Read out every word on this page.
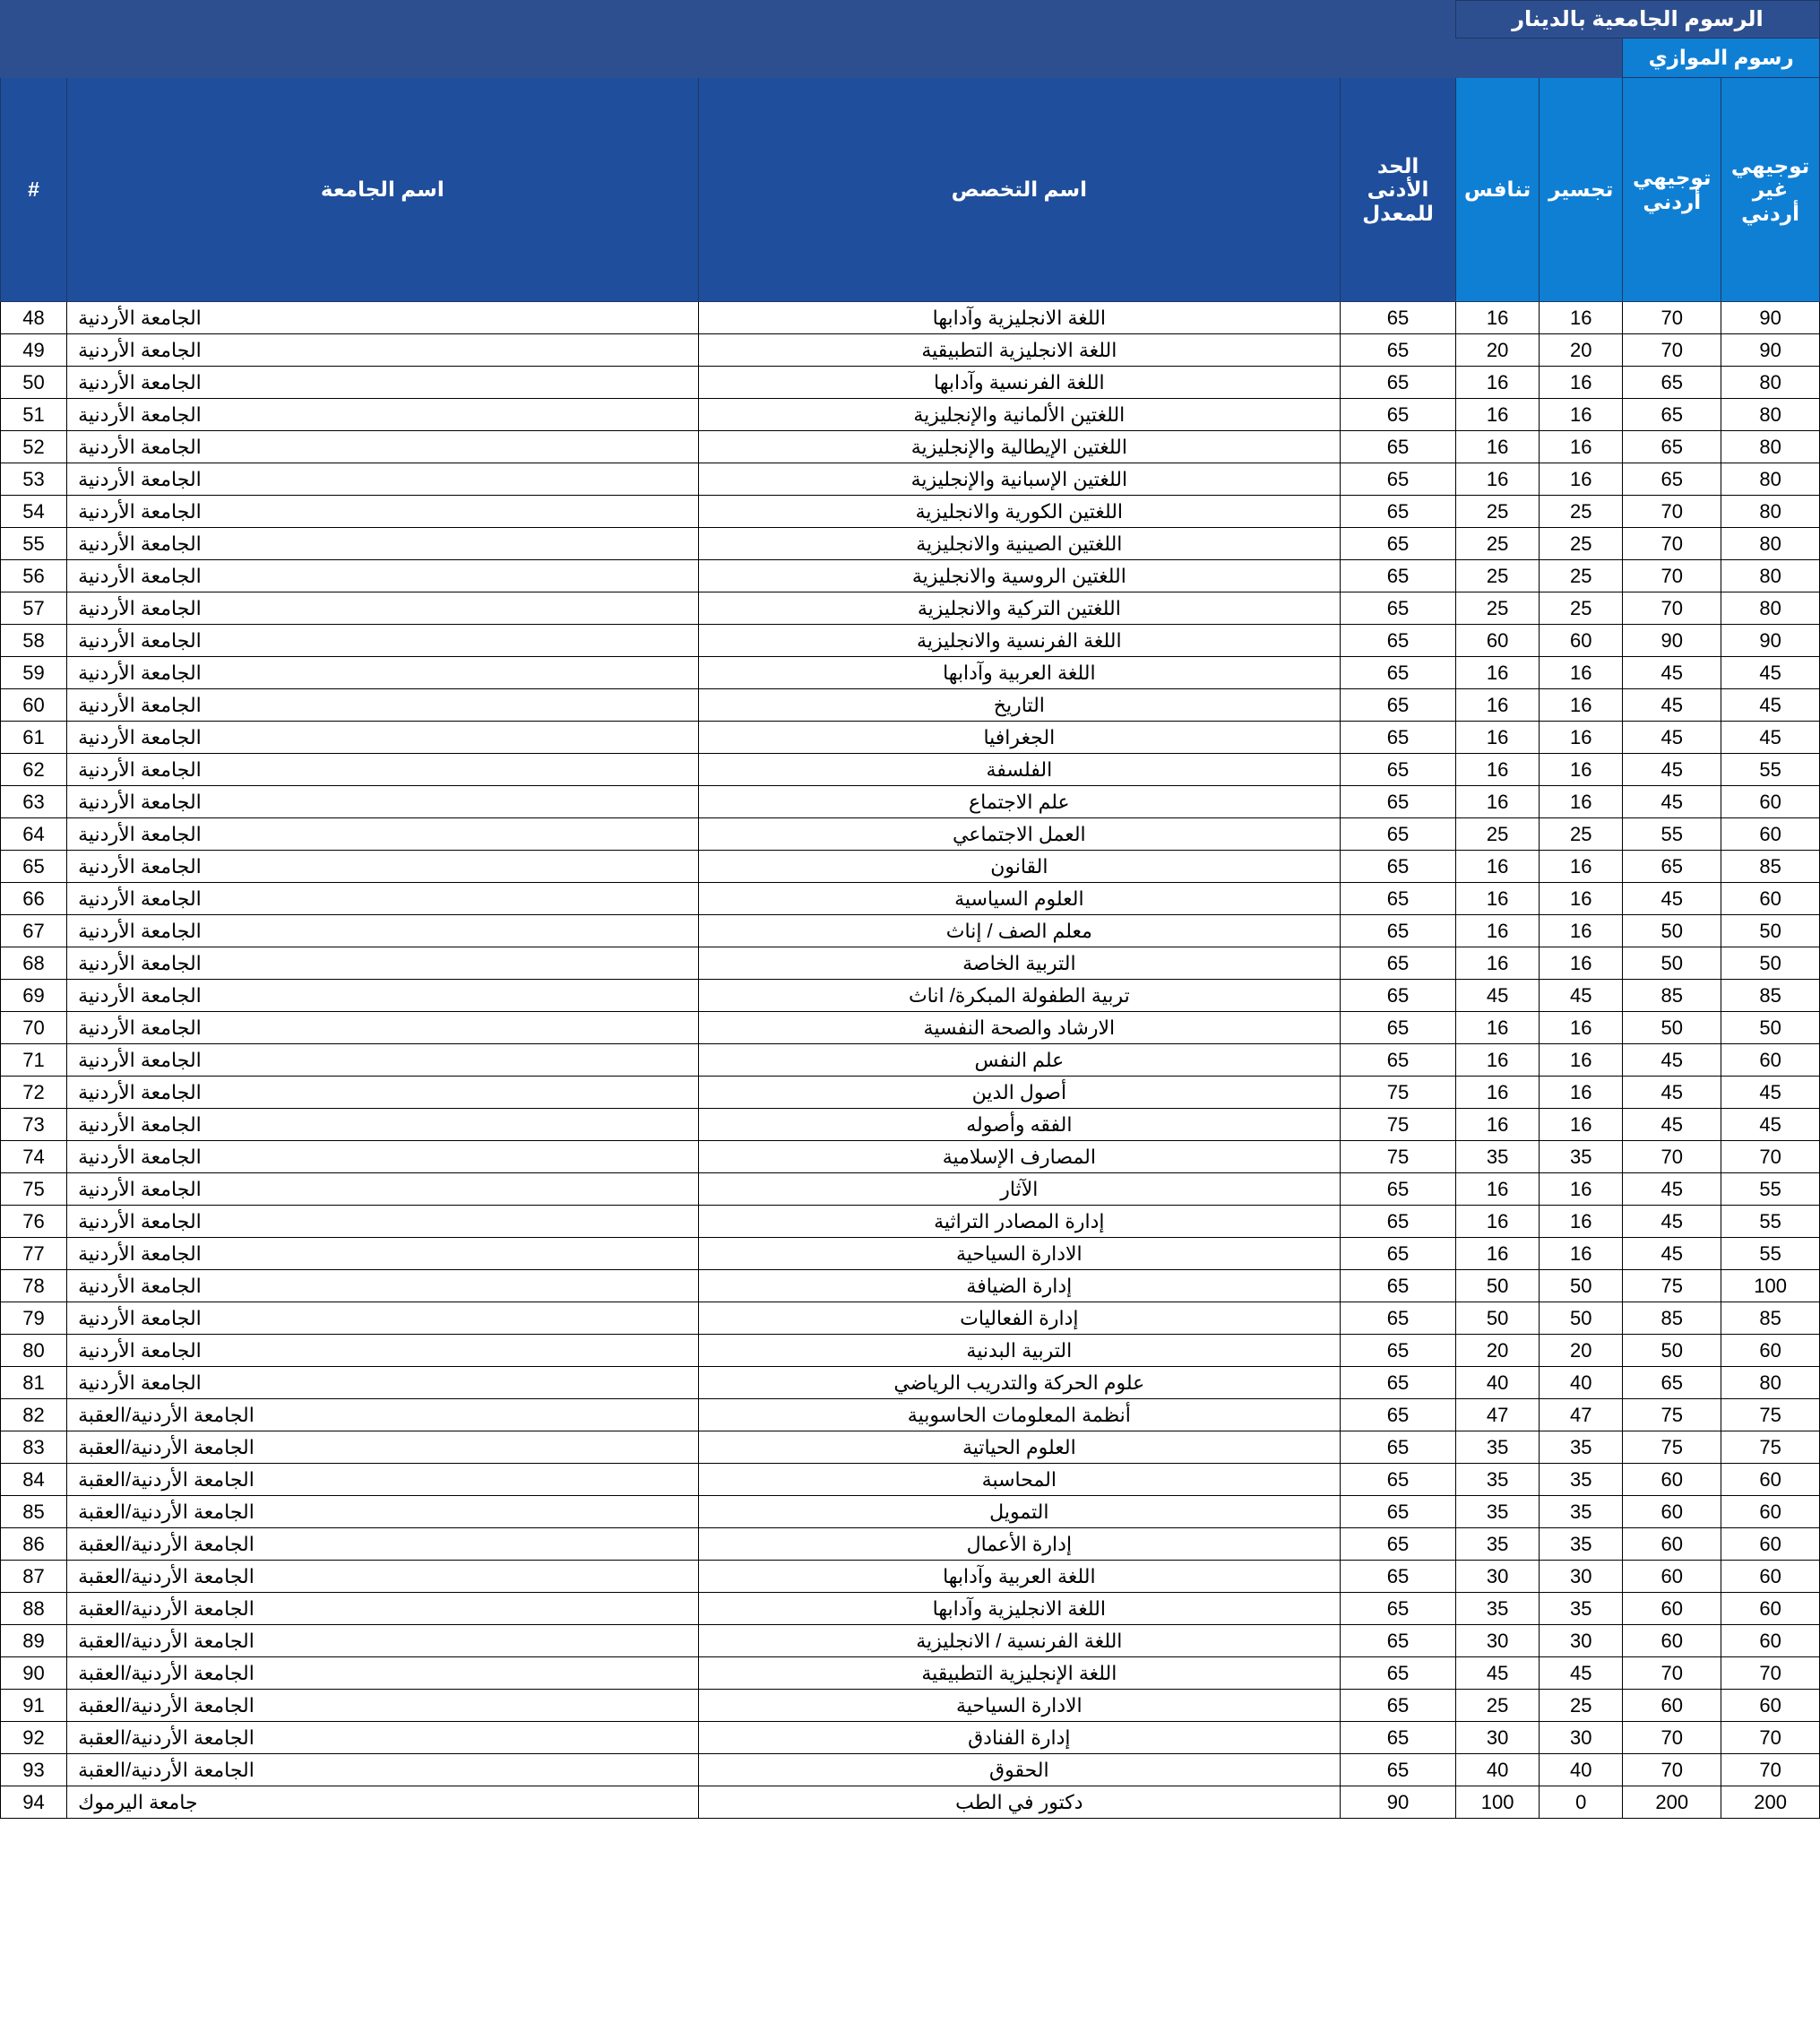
الرسوم الجامعية بالدينار							
رسوم الموازي							

توجيهي غير أردني	توجيهي أردني	تجسير	تنافس	الحد الأدنى للمعدل	اسم التخصص	اسم الجامعة	#

90	70	16	16	65	اللغة الانجليزية وآدابها	الجامعة الأردنية	48
90	70	20	20	65	اللغة الانجليزية التطبيقية	الجامعة الأردنية	49
80	65	16	16	65	اللغة الفرنسية وآدابها	الجامعة الأردنية	50
80	65	16	16	65	اللغتين الألمانية والإنجليزية	الجامعة الأردنية	51
80	65	16	16	65	اللغتين الإيطالية والإنجليزية	الجامعة الأردنية	52
80	65	16	16	65	اللغتين الإسبانية والإنجليزية	الجامعة الأردنية	53
80	70	25	25	65	اللغتين الكورية والانجليزية	الجامعة الأردنية	54
80	70	25	25	65	اللغتين الصينية والانجليزية	الجامعة الأردنية	55
80	70	25	25	65	اللغتين الروسية والانجليزية	الجامعة الأردنية	56
80	70	25	25	65	اللغتين التركية والانجليزية	الجامعة الأردنية	57
90	90	60	60	65	اللغة الفرنسية والانجليزية	الجامعة الأردنية	58
45	45	16	16	65	اللغة العربية وآدابها	الجامعة الأردنية	59
45	45	16	16	65	التاريخ	الجامعة الأردنية	60
45	45	16	16	65	الجغرافيا	الجامعة الأردنية	61
55	45	16	16	65	الفلسفة	الجامعة الأردنية	62
60	45	16	16	65	علم الاجتماع	الجامعة الأردنية	63
60	55	25	25	65	العمل الاجتماعي	الجامعة الأردنية	64
85	65	16	16	65	القانون	الجامعة الأردنية	65
60	45	16	16	65	العلوم السياسية	الجامعة الأردنية	66
50	50	16	16	65	معلم الصف / إناث	الجامعة الأردنية	67
50	50	16	16	65	التربية الخاصة	الجامعة الأردنية	68
85	85	45	45	65	تربية الطفولة المبكرة/ اناث	الجامعة الأردنية	69
50	50	16	16	65	الارشاد والصحة النفسية	الجامعة الأردنية	70
60	45	16	16	65	علم النفس	الجامعة الأردنية	71
45	45	16	16	75	أصول الدين	الجامعة الأردنية	72
45	45	16	16	75	الفقه وأصوله	الجامعة الأردنية	73
70	70	35	35	75	المصارف الإسلامية	الجامعة الأردنية	74
55	45	16	16	65	الآثار	الجامعة الأردنية	75
55	45	16	16	65	إدارة المصادر التراثية	الجامعة الأردنية	76
55	45	16	16	65	الادارة السياحية	الجامعة الأردنية	77
100	75	50	50	65	إدارة الضيافة	الجامعة الأردنية	78
85	85	50	50	65	إدارة الفعاليات	الجامعة الأردنية	79
60	50	20	20	65	التربية البدنية	الجامعة الأردنية	80
80	65	40	40	65	علوم الحركة والتدريب الرياضي	الجامعة الأردنية	81
75	75	47	47	65	أنظمة المعلومات الحاسوبية	الجامعة الأردنية/العقبة	82
75	75	35	35	65	العلوم الحياتية	الجامعة الأردنية/العقبة	83
60	60	35	35	65	المحاسبة	الجامعة الأردنية/العقبة	84
60	60	35	35	65	التمويل	الجامعة الأردنية/العقبة	85
60	60	35	35	65	إدارة الأعمال	الجامعة الأردنية/العقبة	86
60	60	30	30	65	اللغة العربية وآدابها	الجامعة الأردنية/العقبة	87
60	60	35	35	65	اللغة الانجليزية وآدابها	الجامعة الأردنية/العقبة	88
60	60	30	30	65	اللغة الفرنسية / الانجليزية	الجامعة الأردنية/العقبة	89
70	70	45	45	65	اللغة الإنجليزية التطبيقية	الجامعة الأردنية/العقبة	90
60	60	25	25	65	الادارة السياحية	الجامعة الأردنية/العقبة	91
70	70	30	30	65	إدارة الفنادق	الجامعة الأردنية/العقبة	92
70	70	40	40	65	الحقوق	الجامعة الأردنية/العقبة	93
200	200	0	100	90	دكتور في الطب	جامعة اليرموك	94
